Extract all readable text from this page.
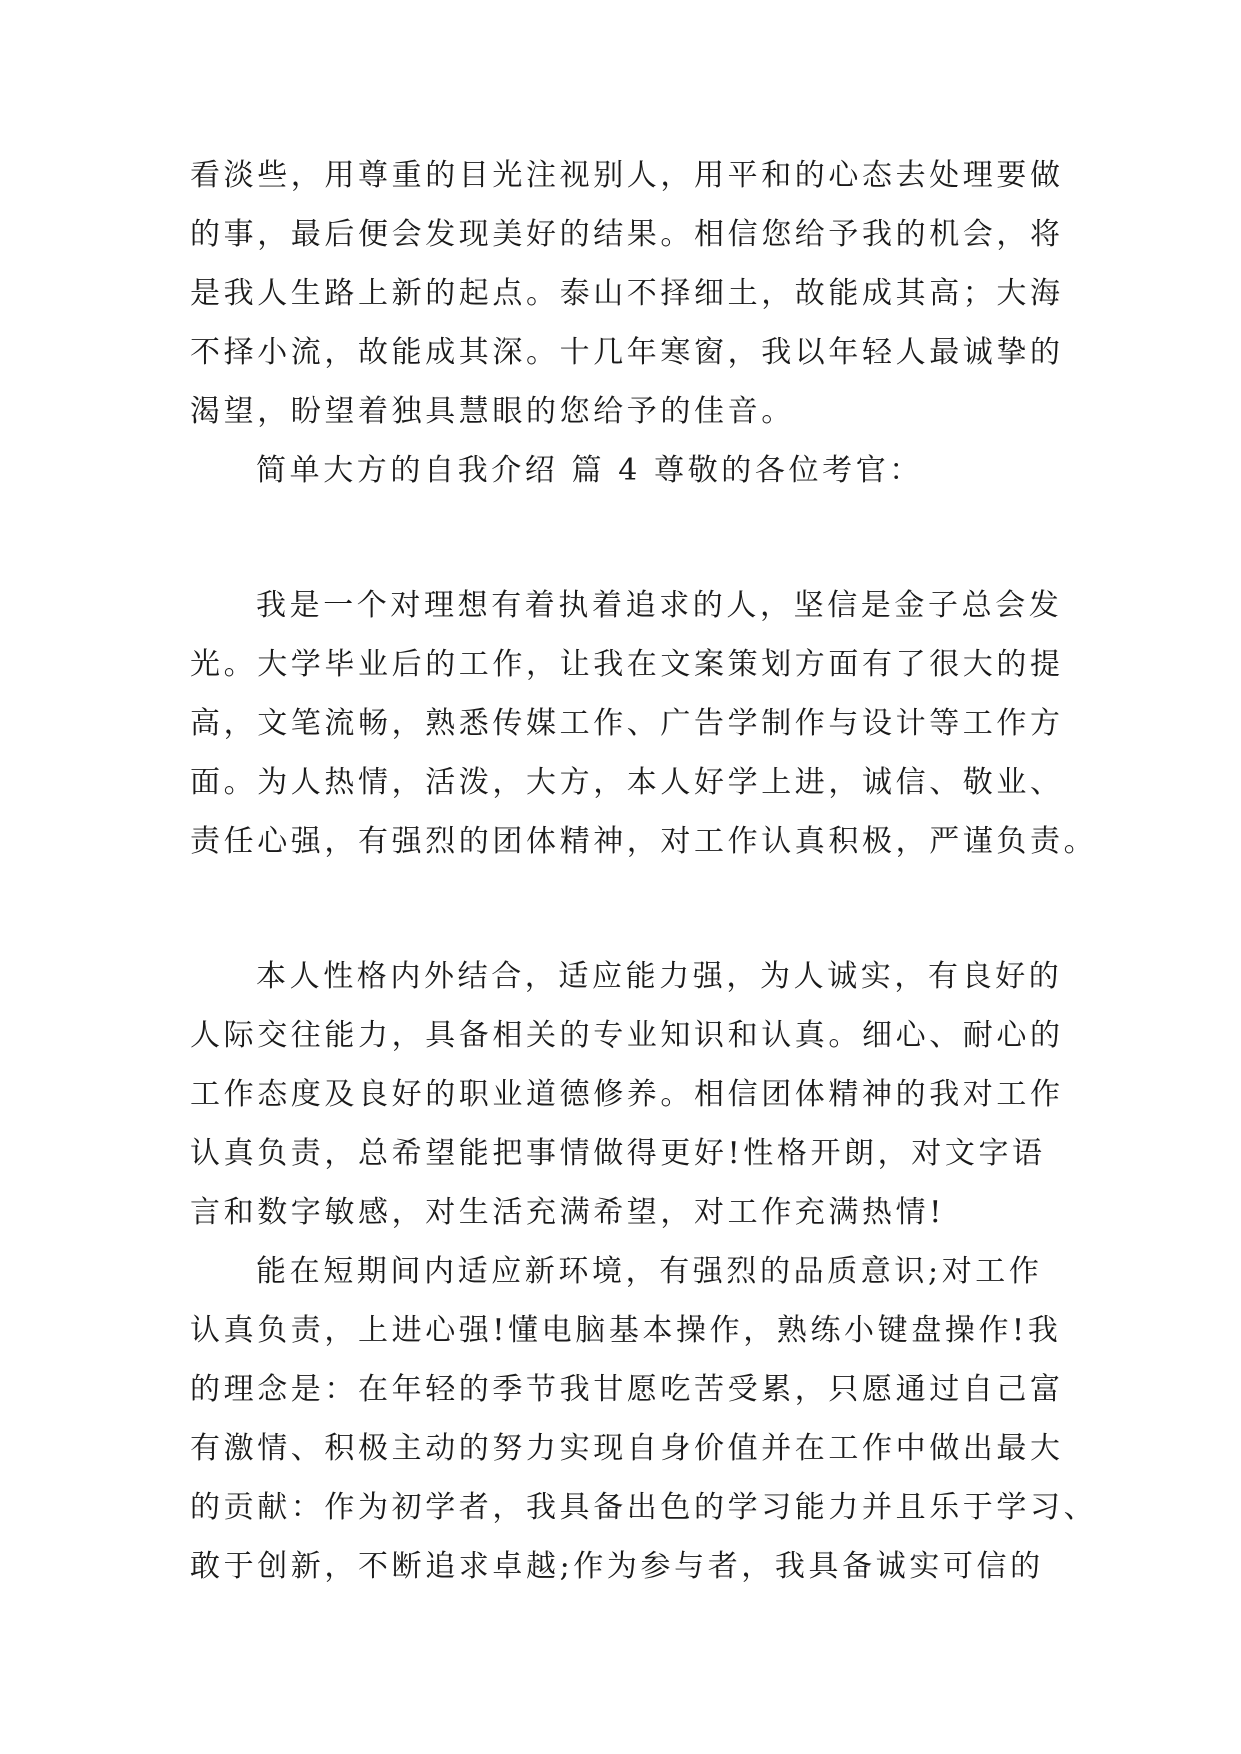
看淡些，用尊重的目光注视别人，用平和的心态去处理要做
的事，最后便会发现美好的结果。相信您给予我的机会，将
是我人生路上新的起点。泰山不择细土，故能成其高；大海
不择小流，故能成其深。十几年寒窗，我以年轻人最诚挚的
渴望，盼望着独具慧眼的您给予的佳音。
简单大方的自我介绍 篇 4 尊敬的各位考官：
我是一个对理想有着执着追求的人，坚信是金子总会发
光。大学毕业后的工作，让我在文案策划方面有了很大的提
高，文笔流畅，熟悉传媒工作、广告学制作与设计等工作方
面。为人热情，活泼，大方，本人好学上进，诚信、敬业、
责任心强，有强烈的团体精神，对工作认真积极，严谨负责。
本人性格内外结合，适应能力强，为人诚实，有良好的
人际交往能力，具备相关的专业知识和认真。细心、耐心的
工作态度及良好的职业道德修养。相信团体精神的我对工作
认真负责，总希望能把事情做得更好!性格开朗，对文字语
言和数字敏感，对生活充满希望，对工作充满热情!
能在短期间内适应新环境，有强烈的品质意识;对工作
认真负责，上进心强!懂电脑基本操作，熟练小键盘操作!我
的理念是：在年轻的季节我甘愿吃苦受累，只愿通过自己富
有激情、积极主动的努力实现自身价值并在工作中做出最大
的贡献：作为初学者，我具备出色的学习能力并且乐于学习、
敢于创新，不断追求卓越;作为参与者，我具备诚实可信的
